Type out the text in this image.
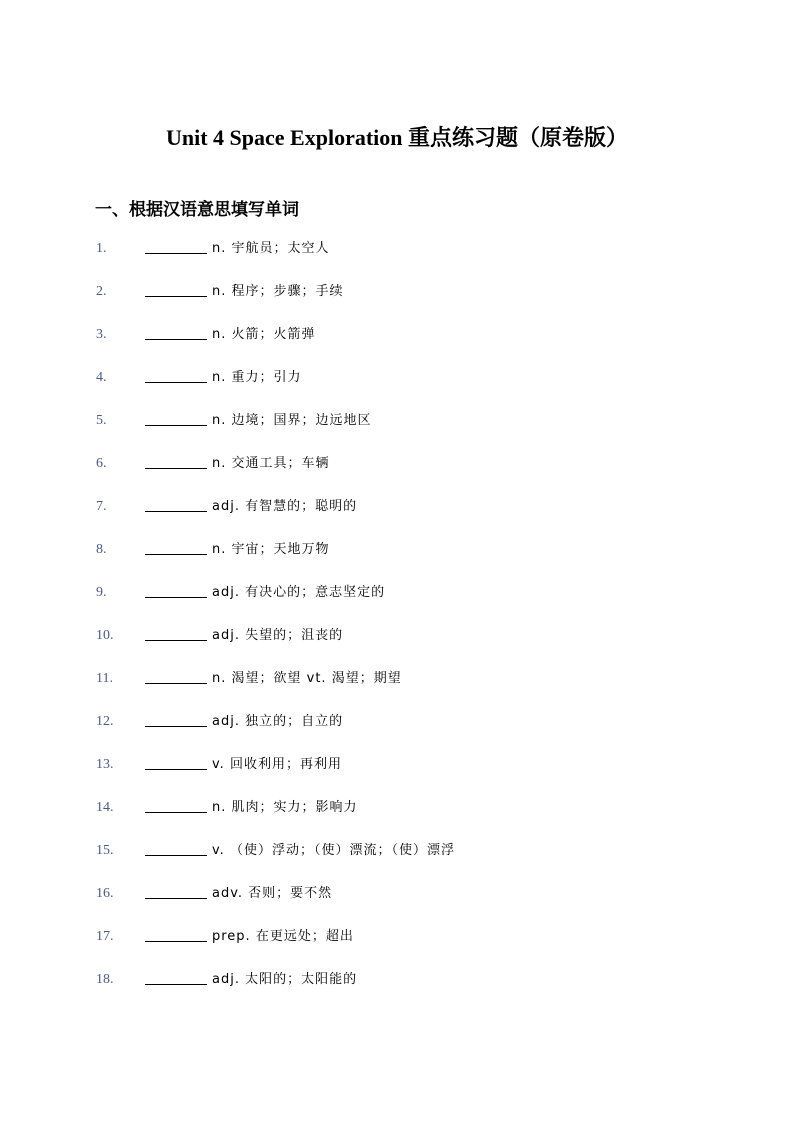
Unit 4 Space Exploration 重点练习题（原卷版）
一、根据汉语意思填写单词
1.	n. 宇航员；太空人
2.	n. 程序；步骤；手续
3.	n. 火箭；火箭弹
4.	n. 重力；引力
5.	n. 边境；国界；边远地区
6.	n. 交通工具；车辆
7.	adj. 有智慧的；聪明的
8.	n. 宇宙；天地万物
9.	adj. 有决心的；意志坚定的
10.	adj. 失望的；沮丧的
11.	n. 渴望；欲望 vt. 渴望；期望
12.	adj. 独立的；自立的
13.	v. 回收利用；再利用
14.	n. 肌肉；实力；影响力
15.	v. （使）浮动；（使）漂流；（使）漂浮
16.	adv. 否则；要不然
17.	prep. 在更远处；超出
18.	adj. 太阳的；太阳能的
